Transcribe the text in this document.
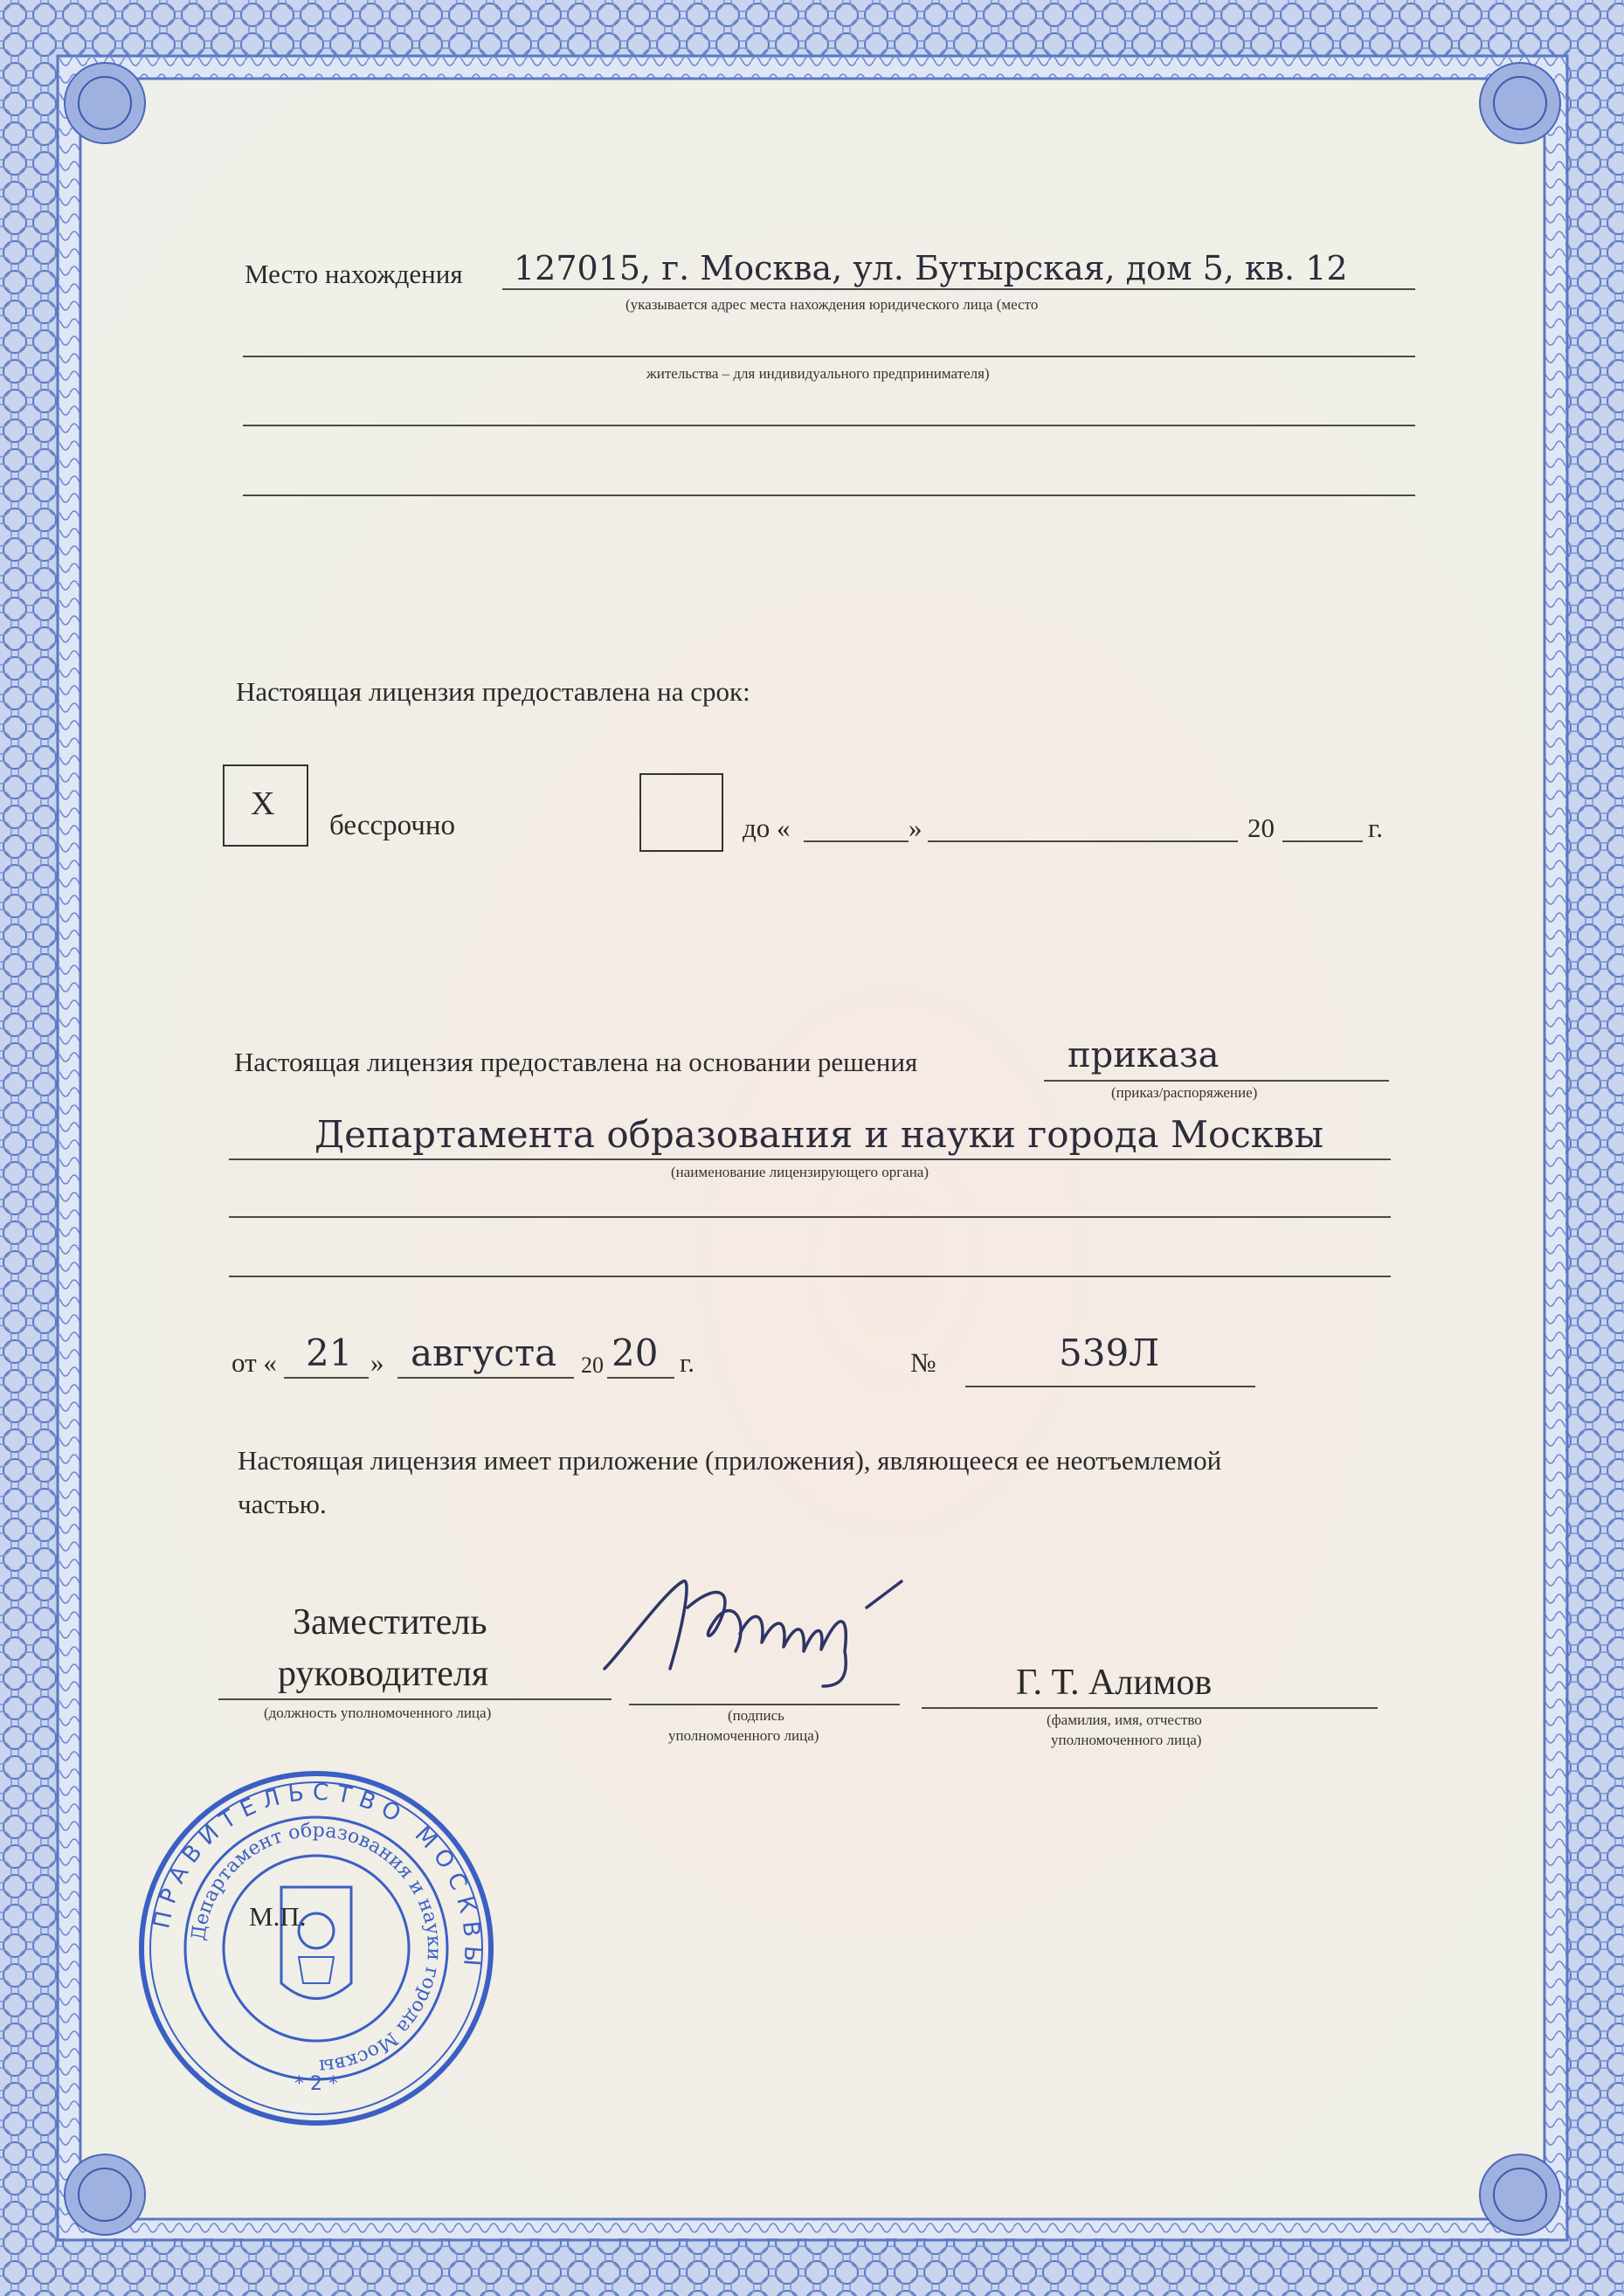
Место нахождения 127015, г. Москва, ул. Бутырская, дом 5, кв. 12
(указывается адрес места нахождения юридического лица (место
жительства – для индивидуального предпринимателя)
Настоящая лицензия предоставлена на срок:
X
бессрочно	до «	»	20	г.
Настоящая лицензия предоставлена на основании решения	приказа
(приказ/распоряжение)
Департамента образования и науки города Москвы
(наименование лицензирующего органа)
от « 21 » августа 20 20 г.	№	539Л
Настоящая лицензия имеет приложение (приложения), являющееся ее неотъемлемой
частью.
Заместитель
руководителя
(должность уполномоченного лица)	(подпись
уполномоченного лица)
Г. Т. Алимов
(фамилия, имя, отчество
уполномоченного лица)
ПРАВИТЕЛЬСТВО МОСКВЫ
Департамент образования и науки города Москвы
* 2 *
М.П.
